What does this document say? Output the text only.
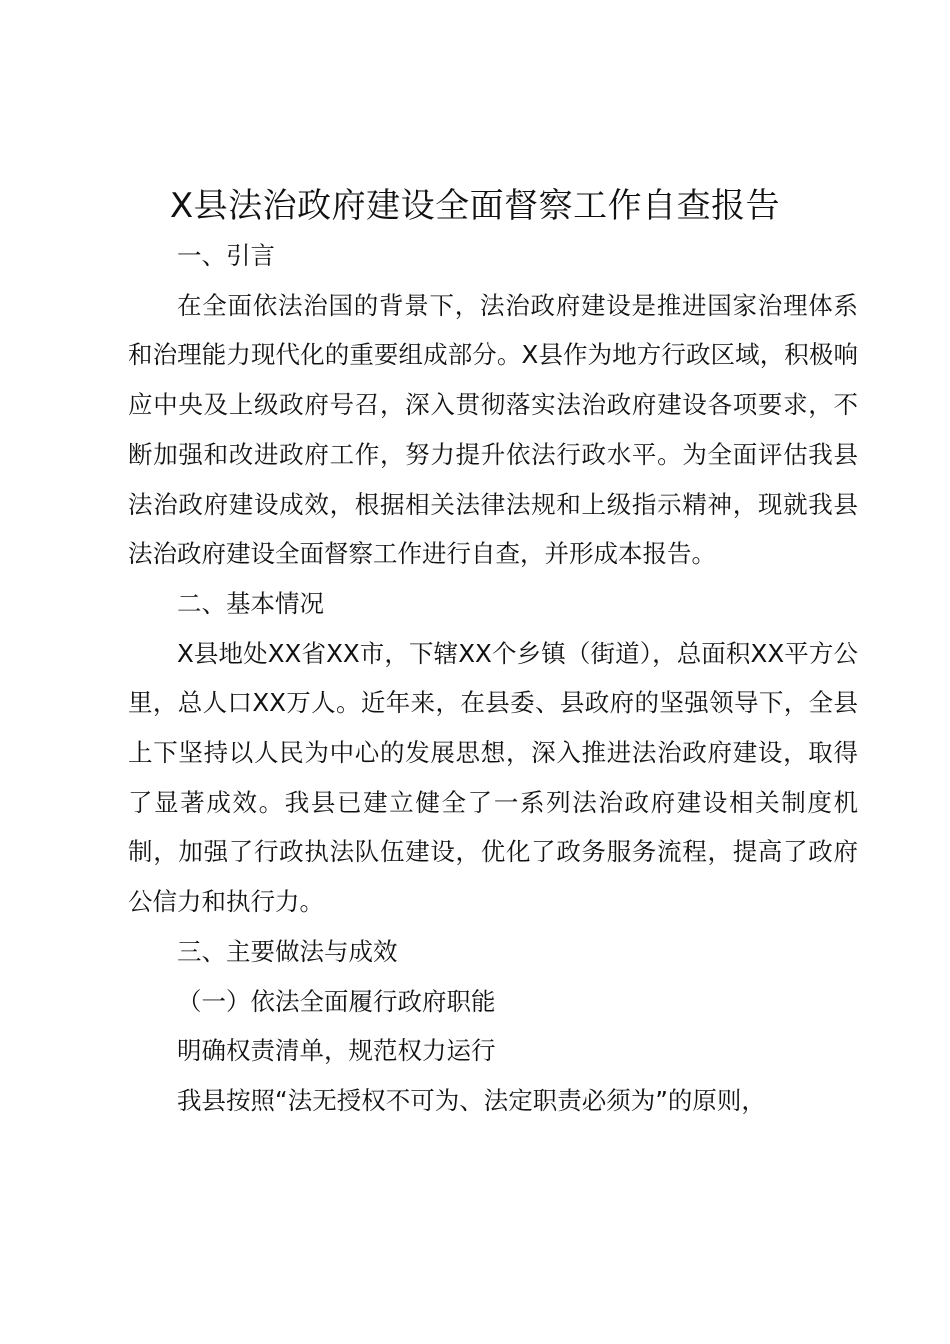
X县法治政府建设全面督察工作自查报告

一、引言

在全面依法治国的背景下，法治政府建设是推进国家治理体系和治理能力现代化的重要组成部分。X县作为地方行政区域，积极响应中央及上级政府号召，深入贯彻落实法治政府建设各项要求，不断加强和改进政府工作，努力提升依法行政水平。为全面评估我县法治政府建设成效，根据相关法律法规和上级指示精神，现就我县法治政府建设全面督察工作进行自查，并形成本报告。

二、基本情况

X县地处XX省XX市，下辖XX个乡镇（街道），总面积XX平方公里，总人口XX万人。近年来，在县委、县政府的坚强领导下，全县上下坚持以人民为中心的发展思想，深入推进法治政府建设，取得了显著成效。我县已建立健全了一系列法治政府建设相关制度机制，加强了行政执法队伍建设，优化了政务服务流程，提高了政府公信力和执行力。

三、主要做法与成效

（一）依法全面履行政府职能

明确权责清单，规范权力运行

我县按照“法无授权不可为、法定职责必须为”的原则，
